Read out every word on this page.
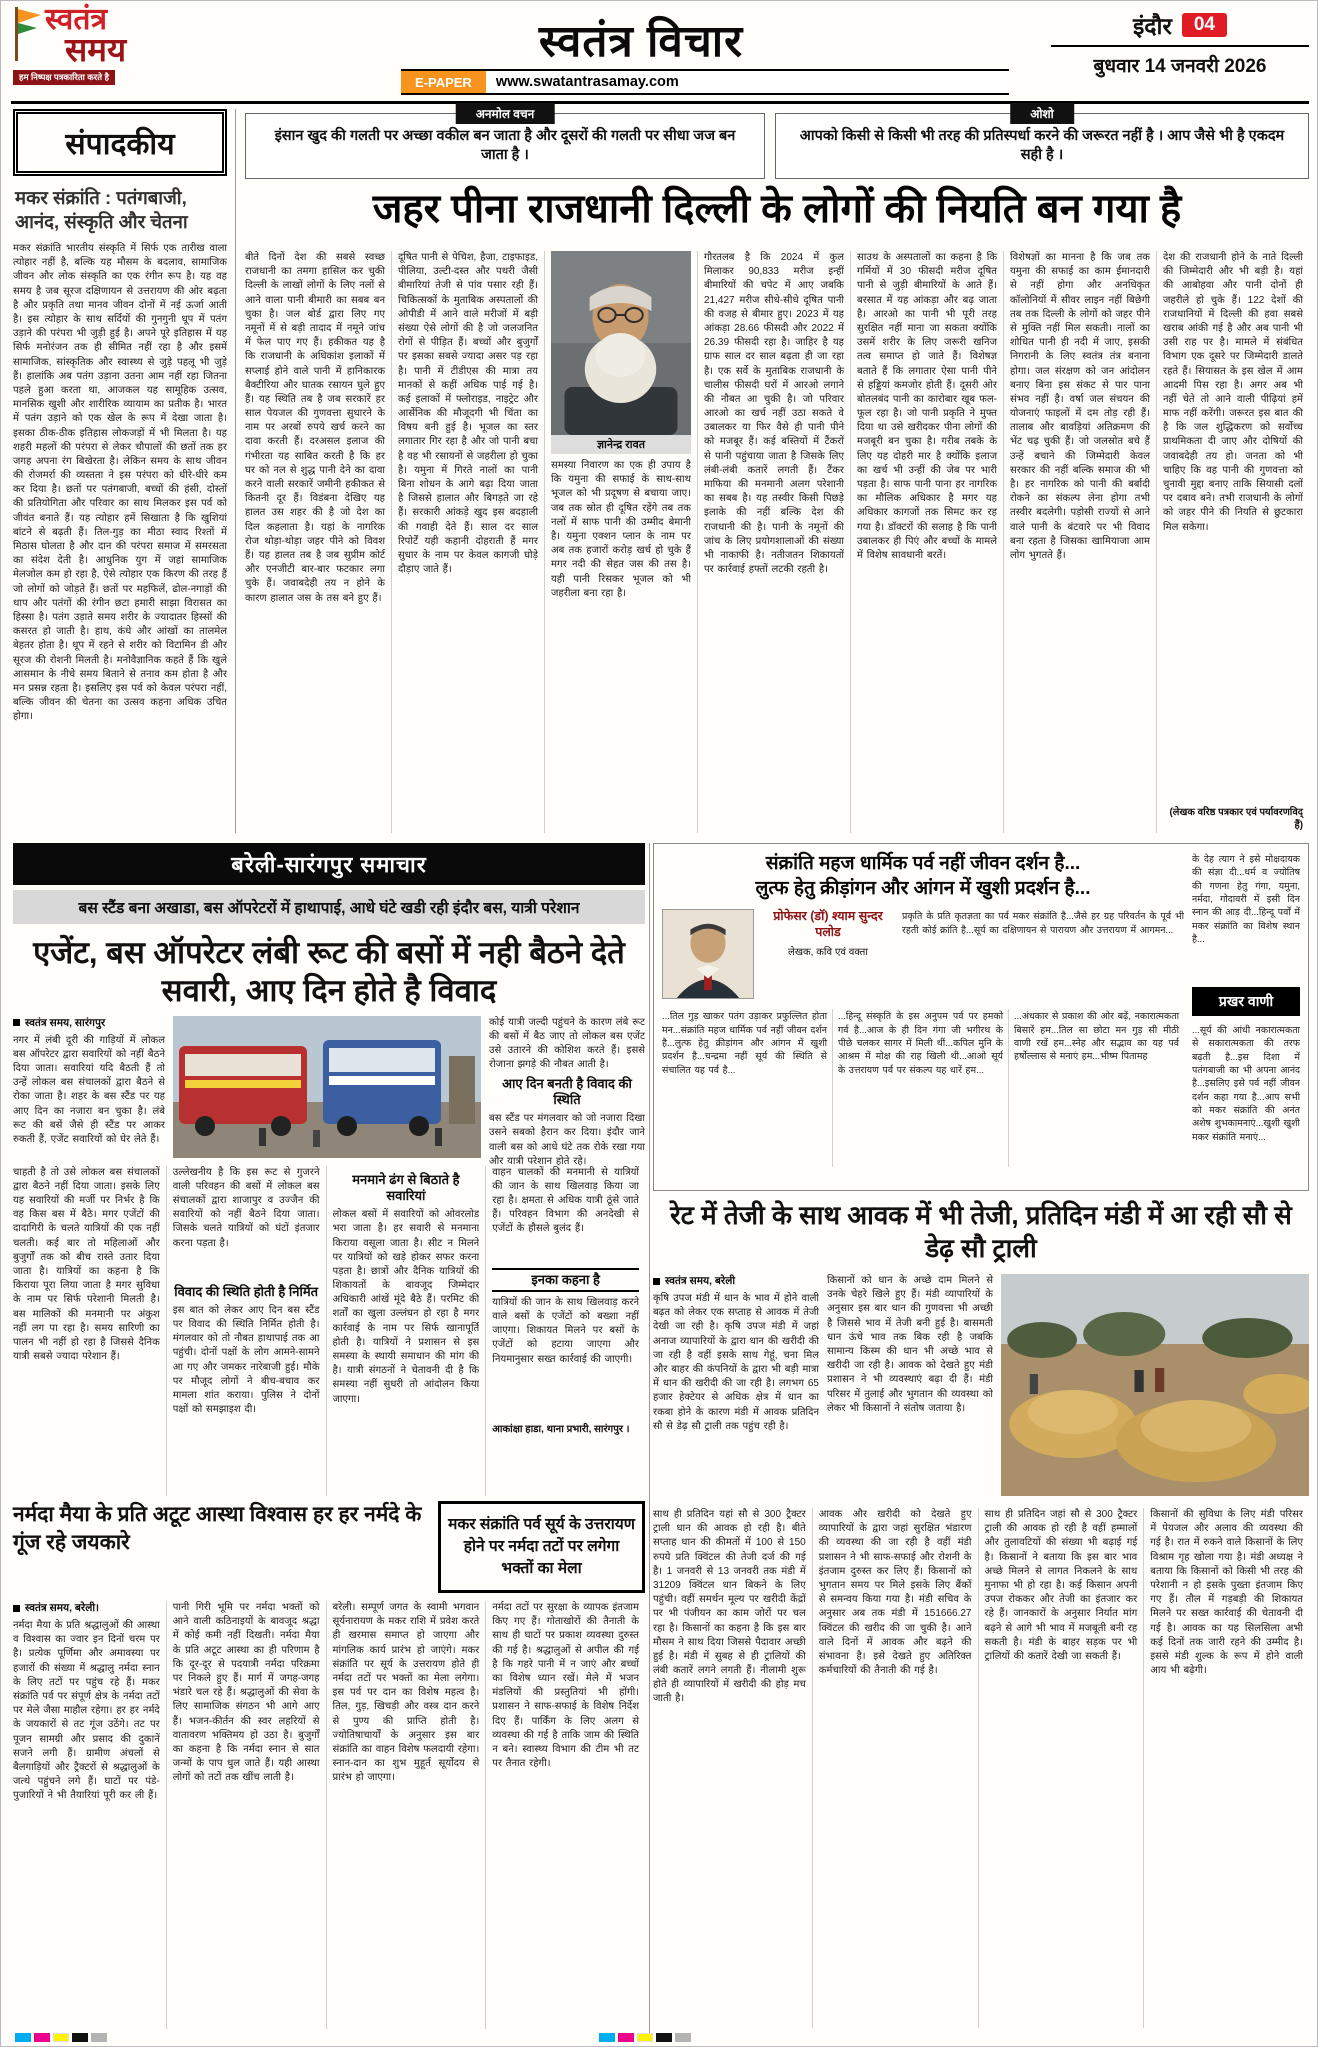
स्वतंत्र
समय
हम निष्पक्ष पत्रकारिता करते है
स्वतंत्र विचार
E-PAPER	www.swatantrasamay.com
इंदौर	04
बुधवार 14 जनवरी 2026
संपादकीय
मकर संक्रांति : पतंगबाजी, आनंद, संस्कृति और चेतना
मकर संक्रांति भारतीय संस्कृति में सिर्फ एक तारीख वाला त्योहार नहीं है, बल्कि यह मौसम के बदलाव, सामाजिक जीवन और लोक संस्कृति का एक रंगीन रूप है। यह वह समय है जब सूरज दक्षिणायन से उत्तरायण की ओर बढ़ता है और प्रकृति तथा मानव जीवन दोनों में नई ऊर्जा आती है। इस त्योहार के साथ सर्दियों की गुनगुनी धूप में पतंग उड़ाने की परंपरा भी जुड़ी हुई है। अपने पूरे इतिहास में यह सिर्फ मनोरंजन तक ही सीमित नहीं रहा है और इसमें सामाजिक, सांस्कृतिक और स्वास्थ्य से जुड़े पहलू भी जुड़े हैं। हालांकि अब पतंग उड़ाना उतना आम नहीं रहा जितना पहले हुआ करता था, आजकल यह सामूहिक उत्सव, मानसिक खुशी और शारीरिक व्यायाम का प्रतीक है। भारत में पतंग उड़ाने को एक खेल के रूप में देखा जाता है। इसका ठीक-ठीक इतिहास लोकजड़ों में भी मिलता है। यह शहरी महलों की परंपरा से लेकर चौपालों की छतों तक हर जगह अपना रंग बिखेरता है। लेकिन समय के साथ जीवन की रोजमर्रा की व्यस्तता ने इस परंपरा को धीरे-धीरे कम कर दिया है। छतों पर पतंगबाजी, बच्चों की हंसी, दोस्तों की प्रतियोगिता और परिवार का साथ मिलकर इस पर्व को जीवंत बनाते हैं। यह त्योहार हमें सिखाता है कि खुशियां बांटने से बढ़ती हैं। तिल-गुड़ का मीठा स्वाद रिश्तों में मिठास घोलता है और दान की परंपरा समाज में समरसता का संदेश देती है। आधुनिक युग में जहां सामाजिक मेलजोल कम हो रहा है, ऐसे त्योहार एक किरण की तरह हैं जो लोगों को जोड़ते हैं। छतों पर महफिलें, ढोल-नगाड़ों की थाप और पतंगों की रंगीन छटा हमारी साझा विरासत का हिस्सा है। पतंग उड़ाते समय शरीर के ज्यादातर हिस्सों की कसरत हो जाती है। हाथ, कंधे और आंखों का तालमेल बेहतर होता है। धूप में रहने से शरीर को विटामिन डी और सूरज की रोशनी मिलती है। मनोवैज्ञानिक कहते हैं कि खुले आसमान के नीचे समय बिताने से तनाव कम होता है और मन प्रसन्न रहता है। इसलिए इस पर्व को केवल परंपरा नहीं, बल्कि जीवन की चेतना का उत्सव कहना अधिक उचित होगा।
अनमोल वचन
इंसान खुद की गलती पर अच्छा वकील बन जाता है और दूसरों की गलती पर सीधा जज बन जाता है ।
ओशो
आपको किसी से किसी भी तरह की प्रतिस्पर्धा करने की जरूरत नहीं है । आप जैसे भी है एकदम सही है ।
जहर पीना राजधानी दिल्ली के लोगों की नियति बन गया है
बीते दिनों देश की सबसे स्वच्छ राजधानी का तमगा हासिल कर चुकी दिल्ली के लाखों लोगों के लिए नलों से आने वाला पानी बीमारी का सबब बन चुका है। जल बोर्ड द्वारा लिए गए नमूनों में से बड़ी तादाद में नमूने जांच में फेल पाए गए हैं। हकीकत यह है कि राजधानी के अधिकांश इलाकों में सप्लाई होने वाले पानी में हानिकारक बैक्टीरिया और घातक रसायन घुले हुए हैं। यह स्थिति तब है जब सरकारें हर साल पेयजल की गुणवत्ता सुधारने के नाम पर अरबों रुपये खर्च करने का दावा करती हैं। दरअसल इलाज की गंभीरता यह साबित करती है कि हर घर को नल से शुद्ध पानी देने का दावा करने वाली सरकारें जमीनी हकीकत से कितनी दूर हैं। विडंबना देखिए यह हालत उस शहर की है जो देश का दिल कहलाता है। यहां के नागरिक रोज थोड़ा-थोड़ा जहर पीने को विवश हैं। यह हालत तब है जब सुप्रीम कोर्ट और एनजीटी बार-बार फटकार लगा चुके हैं। जवाबदेही तय न होने के कारण हालात जस के तस बने हुए हैं।
दूषित पानी से पेचिश, हैजा, टाइफाइड, पीलिया, उल्टी-दस्त और पथरी जैसी बीमारियां तेजी से पांव पसार रही हैं। चिकित्सकों के मुताबिक अस्पतालों की ओपीडी में आने वाले मरीजों में बड़ी संख्या ऐसे लोगों की है जो जलजनित रोगों से पीड़ित हैं। बच्चों और बुजुर्गों पर इसका सबसे ज्यादा असर पड़ रहा है। पानी में टीडीएस की मात्रा तय मानकों से कहीं अधिक पाई गई है। कई इलाकों में फ्लोराइड, नाइट्रेट और आर्सेनिक की मौजूदगी भी चिंता का विषय बनी हुई है। भूजल का स्तर लगातार गिर रहा है और जो पानी बचा है वह भी रसायनों से जहरीला हो चुका है। यमुना में गिरते नालों का पानी बिना शोधन के आगे बढ़ा दिया जाता है जिससे हालात और बिगड़ते जा रहे हैं। सरकारी आंकड़े खुद इस बदहाली की गवाही देते हैं। साल दर साल रिपोर्टें यही कहानी दोहराती हैं मगर सुधार के नाम पर केवल कागजी घोड़े दौड़ाए जाते हैं।
ज्ञानेन्द्र रावत
समस्या निवारण का एक ही उपाय है कि यमुना की सफाई के साथ-साथ भूजल को भी प्रदूषण से बचाया जाए। जब तक स्रोत ही दूषित रहेंगे तब तक नलों में साफ पानी की उम्मीद बेमानी है। यमुना एक्शन प्लान के नाम पर अब तक हजारों करोड़ खर्च हो चुके हैं मगर नदी की सेहत जस की तस है। यही पानी रिसकर भूजल को भी जहरीला बना रहा है।
गौरतलब है कि 2024 में कुल मिलाकर 90,833 मरीज इन्हीं बीमारियों की चपेट में आए जबकि 21,427 मरीज सीधे-सीधे दूषित पानी की वजह से बीमार हुए। 2023 में यह आंकड़ा 28.66 फीसदी और 2022 में 26.39 फीसदी रहा है। जाहिर है यह ग्राफ साल दर साल बढ़ता ही जा रहा है। एक सर्वे के मुताबिक राजधानी के चालीस फीसदी घरों में आरओ लगाने की नौबत आ चुकी है। जो परिवार आरओ का खर्च नहीं उठा सकते वे उबालकर या फिर वैसे ही पानी पीने को मजबूर हैं। कई बस्तियों में टैंकरों से पानी पहुंचाया जाता है जिसके लिए लंबी-लंबी कतारें लगती हैं। टैंकर माफिया की मनमानी अलग परेशानी का सबब है। यह तस्वीर किसी पिछड़े इलाके की नहीं बल्कि देश की राजधानी की है। पानी के नमूनों की जांच के लिए प्रयोगशालाओं की संख्या भी नाकाफी है। नतीजतन शिकायतों पर कार्रवाई हफ्तों लटकी रहती है।
साउथ के अस्पतालों का कहना है कि गर्मियों में 30 फीसदी मरीज दूषित पानी से जुड़ी बीमारियों के आते हैं। बरसात में यह आंकड़ा और बढ़ जाता है। आरओ का पानी भी पूरी तरह सुरक्षित नहीं माना जा सकता क्योंकि उसमें शरीर के लिए जरूरी खनिज तत्व समाप्त हो जाते हैं। विशेषज्ञ बताते हैं कि लगातार ऐसा पानी पीने से हड्डियां कमजोर होती हैं। दूसरी ओर बोतलबंद पानी का कारोबार खूब फल-फूल रहा है। जो पानी प्रकृति ने मुफ्त दिया था उसे खरीदकर पीना लोगों की मजबूरी बन चुका है। गरीब तबके के लिए यह दोहरी मार है क्योंकि इलाज का खर्च भी उन्हीं की जेब पर भारी पड़ता है। साफ पानी पाना हर नागरिक का मौलिक अधिकार है मगर यह अधिकार कागजों तक सिमट कर रह गया है। डॉक्टरों की सलाह है कि पानी उबालकर ही पिएं और बच्चों के मामले में विशेष सावधानी बरतें।
विशेषज्ञों का मानना है कि जब तक यमुना की सफाई का काम ईमानदारी से नहीं होगा और अनधिकृत कॉलोनियों में सीवर लाइन नहीं बिछेगी तब तक दिल्ली के लोगों को जहर पीने से मुक्ति नहीं मिल सकती। नालों का शोधित पानी ही नदी में जाए, इसकी निगरानी के लिए स्वतंत्र तंत्र बनाना होगा। जल संरक्षण को जन आंदोलन बनाए बिना इस संकट से पार पाना संभव नहीं है। वर्षा जल संचयन की योजनाएं फाइलों में दम तोड़ रही हैं। तालाब और बावड़ियां अतिक्रमण की भेंट चढ़ चुकी हैं। जो जलस्रोत बचे हैं उन्हें बचाने की जिम्मेदारी केवल सरकार की नहीं बल्कि समाज की भी है। हर नागरिक को पानी की बर्बादी रोकने का संकल्प लेना होगा तभी तस्वीर बदलेगी। पड़ोसी राज्यों से आने वाले पानी के बंटवारे पर भी विवाद बना रहता है जिसका खामियाजा आम लोग भुगतते हैं।
देश की राजधानी होने के नाते दिल्ली की जिम्मेदारी और भी बड़ी है। यहां की आबोहवा और पानी दोनों ही जहरीले हो चुके हैं। 122 देशों की राजधानियों में दिल्ली की हवा सबसे खराब आंकी गई है और अब पानी भी उसी राह पर है। मामले में संबंधित विभाग एक दूसरे पर जिम्मेदारी डालते रहते हैं। सियासत के इस खेल में आम आदमी पिस रहा है। अगर अब भी नहीं चेते तो आने वाली पीढ़ियां हमें माफ नहीं करेंगी। जरूरत इस बात की है कि जल शुद्धिकरण को सर्वोच्च प्राथमिकता दी जाए और दोषियों की जवाबदेही तय हो। जनता को भी चाहिए कि वह पानी की गुणवत्ता को चुनावी मुद्दा बनाए ताकि सियासी दलों पर दबाव बने। तभी राजधानी के लोगों को जहर पीने की नियति से छुटकारा मिल सकेगा।
(लेखक वरिष्ठ पत्रकार एवं पर्यावरणविद् हैं)
बरेली-सारंगपुर समाचार
बस स्टैंड बना अखाडा, बस ऑपरेटरों में हाथापाई, आधे घंटे खडी रही इंदौर बस, यात्री परेशान
एजेंट, बस ऑपरेटर लंबी रूट की बसों में नही बैठने देते सवारी, आए दिन होते है विवाद
स्वतंत्र समय, सारंगपुर
नगर में लंबी दूरी की गाड़ियों में लोकल बस ऑपरेटर द्वारा सवारियों को नहीं बैठने दिया जाता। सवारियां यदि बैठती हैं तो उन्हें लोकल बस संचालकों द्वारा बैठने से रोका जाता है। शहर के बस स्टैंड पर यह आए दिन का नजारा बन चुका है। लंबे रूट की बसें जैसे ही स्टैंड पर आकर रुकती हैं, एजेंट सवारियों को घेर लेते हैं।
कोई यात्री जल्दी पहुंचने के कारण लंबे रूट की बसों में बैठ जाए तो लोकल बस एजेंट उसे उतारने की कोशिश करते हैं। इससे रोजाना झगड़े की नौबत आती है।
आए दिन बनती है विवाद की स्थिति
बस स्टैंड पर मंगलवार को जो नजारा दिखा उसने सबको हैरान कर दिया। इंदौर जाने वाली बस को आधे घंटे तक रोके रखा गया और यात्री परेशान होते रहे।
चाहती है तो उसे लोकल बस संचालकों द्वारा बैठने नहीं दिया जाता। इसके लिए यह सवारियों की मर्जी पर निर्भर है कि वह किस बस में बैठे। मगर एजेंटों की दादागिरी के चलते यात्रियों की एक नहीं चलती। कई बार तो महिलाओं और बुजुर्गों तक को बीच रास्ते उतार दिया जाता है। यात्रियों का कहना है कि किराया पूरा लिया जाता है मगर सुविधा के नाम पर सिर्फ परेशानी मिलती है। बस मालिकों की मनमानी पर अंकुश नहीं लग पा रहा है। समय सारिणी का पालन भी नहीं हो रहा है जिससे दैनिक यात्री सबसे ज्यादा परेशान हैं।
उल्लेखनीय है कि इस रूट से गुजरने वाली परिवहन की बसों में लोकल बस संचालकों द्वारा शाजापुर व उज्जैन की सवारियों को नहीं बैठने दिया जाता। जिसके चलते यात्रियों को घंटों इंतजार करना पड़ता है।
विवाद की स्थिति होती है निर्मित
इस बात को लेकर आए दिन बस स्टैंड पर विवाद की स्थिति निर्मित होती है। मंगलवार को तो नौबत हाथापाई तक आ पहुंची। दोनों पक्षों के लोग आमने-सामने आ गए और जमकर नारेबाजी हुई। मौके पर मौजूद लोगों ने बीच-बचाव कर मामला शांत कराया। पुलिस ने दोनों पक्षों को समझाइश दी।
मनमाने ढंग से बिठाते है सवारियां
लोकल बसों में सवारियों को ओवरलोड भरा जाता है। हर सवारी से मनमाना किराया वसूला जाता है। सीट न मिलने पर यात्रियों को खड़े होकर सफर करना पड़ता है। छात्रों और दैनिक यात्रियों की शिकायतों के बावजूद जिम्मेदार अधिकारी आंखें मूंदे बैठे हैं। परमिट की शर्तों का खुला उल्लंघन हो रहा है मगर कार्रवाई के नाम पर सिर्फ खानापूर्ति होती है। यात्रियों ने प्रशासन से इस समस्या के स्थायी समाधान की मांग की है। यात्री संगठनों ने चेतावनी दी है कि समस्या नहीं सुधरी तो आंदोलन किया जाएगा।
वाहन चालकों की मनमानी से यात्रियों की जान के साथ खिलवाड़ किया जा रहा है। क्षमता से अधिक यात्री ठूंसे जाते हैं। परिवहन विभाग की अनदेखी से एजेंटों के हौसले बुलंद हैं।
इनका कहना है
यात्रियों की जान के साथ खिलवाड़ करने वाले बसों के एजेंटों को बख्शा नहीं जाएगा। शिकायत मिलने पर बसों के एजेंटों को हटाया जाएगा और नियमानुसार सख्त कार्रवाई की जाएगी।
आकांक्षा हाडा, थाना प्रभारी, सारंगपुर ।
संक्रांति महज धार्मिक पर्व नहीं जीवन दर्शन है...
लुत्फ हेतु क्रीड़ांगन और आंगन में खुशी प्रदर्शन है...
प्रोफेसर (डॉ) श्याम सुन्दर पलोड
लेखक, कवि एवं वक्ता
प्रकृति के प्रति कृतज्ञता का पर्व मकर संक्रांति है...जैसे हर ग्रह परिवर्तन के पूर्व भी रहती कोई क्रांति है...सूर्य का दक्षिणायन से पारायण और उत्तरायण में आगमन...
...तिल गुड़ खाकर पतंग उड़ाकर प्रफुल्लित होता मन...संक्रांति महज धार्मिक पर्व नहीं जीवन दर्शन है...लुत्फ हेतु क्रीड़ांगन और आंगन में खुशी प्रदर्शन है...चन्द्रमा नहीं सूर्य की स्थिति से संचालित यह पर्व है...
...हिन्दू संस्कृति के इस अनुपम पर्व पर हमको गर्व है...आज के ही दिन गंगा जी भगीरथ के पीछे चलकर सागर में मिली थीं...कपिल मुनि के आश्रम में मोक्ष की राह खिली थी...आओ सूर्य के उत्तरायण पर्व पर संकल्प यह धारें हम...
...अंधकार से प्रकाश की ओर बढ़ें, नकारात्मकता बिसारें हम...तिल सा छोटा मन गुड़ सी मीठी वाणी रखें हम...स्नेह और सद्भाव का यह पर्व हर्षोल्लास से मनाएं हम...भीष्म पितामह
के देह त्याग ने इसे मोक्षदायक की संज्ञा दी...धर्म व ज्योतिष की गणना हेतु गंगा, यमुना, नर्मदा, गोदावरी में इसी दिन स्नान की आड़ दी...हिन्दू पर्वों में मकर संक्रांति का विशेष स्थान है...
प्रखर वाणी
...सूर्य की आंधी नकारात्मकता से सकारात्मकता की तरफ बढ़ती है...इस दिशा में पतंगबाजी का भी अपना आनंद है...इसलिए इसे पर्व नहीं जीवन दर्शन कहा गया है...आप सभी को मकर संक्रांति की अनंत अशेष शुभकामनाएं...खुशी खुशी मकर संक्रांति मनाएं...
रेट में तेजी के साथ आवक में भी तेजी, प्रतिदिन मंडी में आ रही सौ से डेढ़ सौ ट्राली
स्वतंत्र समय, बरेली
कृषि उपज मंडी में धान के भाव में होने वाली बढ़त को लेकर एक सप्ताह से आवक में तेजी देखी जा रही है। कृषि उपज मंडी में जहां अनाज व्यापारियों के द्वारा धान की खरीदी की जा रही है वहीं इसके साथ गेहूं, चना मिल और बाहर की कंपनियों के द्वारा भी बड़ी मात्रा में धान की खरीदी की जा रही है। लगभग 65 हजार हेक्टेयर से अधिक क्षेत्र में धान का रकबा होने के कारण मंडी में आवक प्रतिदिन सौ से डेढ़ सौ ट्राली तक पहुंच रही है।
किसानों को धान के अच्छे दाम मिलने से उनके चेहरे खिले हुए हैं। मंडी व्यापारियों के अनुसार इस बार धान की गुणवत्ता भी अच्छी है जिससे भाव में तेजी बनी हुई है। बासमती धान ऊंचे भाव तक बिक रही है जबकि सामान्य किस्म की धान भी अच्छे भाव से खरीदी जा रही है। आवक को देखते हुए मंडी प्रशासन ने भी व्यवस्थाएं बढ़ा दी हैं। मंडी परिसर में तुलाई और भुगतान की व्यवस्था को लेकर भी किसानों ने संतोष जताया है।
साथ ही प्रतिदिन यहां सौ से 300 ट्रैक्टर ट्राली धान की आवक हो रही है। बीते सप्ताह धान की कीमतों में 100 से 150 रुपये प्रति क्विंटल की तेजी दर्ज की गई है। 1 जनवरी से 13 जनवरी तक मंडी में 31209 क्विंटल धान बिकने के लिए पहुंची। वहीं समर्थन मूल्य पर खरीदी केंद्रों पर भी पंजीयन का काम जोरों पर चल रहा है। किसानों का कहना है कि इस बार मौसम ने साथ दिया जिससे पैदावार अच्छी हुई है। मंडी में सुबह से ही ट्रालियों की लंबी कतारें लगने लगती हैं। नीलामी शुरू होते ही व्यापारियों में खरीदी की होड़ मच जाती है।
आवक और खरीदी को देखते हुए व्यापारियों के द्वारा जहां सुरक्षित भंडारण की व्यवस्था की जा रही है वहीं मंडी प्रशासन ने भी साफ-सफाई और रोशनी के इंतजाम दुरुस्त कर लिए हैं। किसानों को भुगतान समय पर मिले इसके लिए बैंकों से समन्वय किया गया है। मंडी सचिव के अनुसार अब तक मंडी में 151666.27 क्विंटल की खरीद की जा चुकी है। आने वाले दिनों में आवक और बढ़ने की संभावना है। इसे देखते हुए अतिरिक्त कर्मचारियों की तैनाती की गई है।
साथ ही प्रतिदिन जहां सौ से 300 ट्रैक्टर ट्राली की आवक हो रही है वहीं हम्मालों और तुलावटियों की संख्या भी बढ़ाई गई है। किसानों ने बताया कि इस बार भाव अच्छे मिलने से लागत निकलने के साथ मुनाफा भी हो रहा है। कई किसान अपनी उपज रोककर और तेजी का इंतजार कर रहे हैं। जानकारों के अनुसार निर्यात मांग बढ़ने से आगे भी भाव में मजबूती बनी रह सकती है। मंडी के बाहर सड़क पर भी ट्रालियों की कतारें देखी जा सकती हैं।
किसानों की सुविधा के लिए मंडी परिसर में पेयजल और अलाव की व्यवस्था की गई है। रात में रुकने वाले किसानों के लिए विश्राम गृह खोला गया है। मंडी अध्यक्ष ने बताया कि किसानों को किसी भी तरह की परेशानी न हो इसके पुख्ता इंतजाम किए गए हैं। तौल में गड़बड़ी की शिकायत मिलने पर सख्त कार्रवाई की चेतावनी दी गई है। आवक का यह सिलसिला अभी कई दिनों तक जारी रहने की उम्मीद है। इससे मंडी शुल्क के रूप में होने वाली आय भी बढ़ेगी।
नर्मदा मैया के प्रति अटूट आस्था विश्वास हर हर नर्मदे के गूंज रहे जयकारे
मकर संक्रांति पर्व सूर्य के उत्तरायण होने पर नर्मदा तटों पर लगेगा भक्तों का मेला
स्वतंत्र समय, बरेली।
नर्मदा मैया के प्रति श्रद्धालुओं की आस्था व विश्वास का ज्वार इन दिनों चरम पर है। प्रत्येक पूर्णिमा और अमावस्या पर हजारों की संख्या में श्रद्धालु नर्मदा स्नान के लिए तटों पर पहुंच रहे हैं। मकर संक्रांति पर्व पर संपूर्ण क्षेत्र के नर्मदा तटों पर मेले जैसा माहौल रहेगा। हर हर नर्मदे के जयकारों से तट गूंज उठेंगे। तट पर पूजन सामग्री और प्रसाद की दुकानें सजने लगी हैं। ग्रामीण अंचलों से बैलगाड़ियों और ट्रैक्टरों से श्रद्धालुओं के जत्थे पहुंचने लगे हैं। घाटों पर पंडे-पुजारियों ने भी तैयारियां पूरी कर ली हैं।
पानी गिरी भूमि पर नर्मदा भक्तों को आने वाली कठिनाइयों के बावजूद श्रद्धा में कोई कमी नहीं दिखती। नर्मदा मैया के प्रति अटूट आस्था का ही परिणाम है कि दूर-दूर से पदयात्री नर्मदा परिक्रमा पर निकले हुए हैं। मार्ग में जगह-जगह भंडारे चल रहे हैं। श्रद्धालुओं की सेवा के लिए सामाजिक संगठन भी आगे आए हैं। भजन-कीर्तन की स्वर लहरियों से वातावरण भक्तिमय हो उठा है। बुजुर्गों का कहना है कि नर्मदा स्नान से सात जन्मों के पाप धुल जाते हैं। यही आस्था लोगों को तटों तक खींच लाती है।
बरेली। सम्पूर्ण जगत के स्वामी भगवान सूर्यनारायण के मकर राशि में प्रवेश करते ही खरमास समाप्त हो जाएगा और मांगलिक कार्य प्रारंभ हो जाएंगे। मकर संक्रांति पर सूर्य के उत्तरायण होते ही नर्मदा तटों पर भक्तों का मेला लगेगा। इस पर्व पर दान का विशेष महत्व है। तिल, गुड़, खिचड़ी और वस्त्र दान करने से पुण्य की प्राप्ति होती है। ज्योतिषाचार्यों के अनुसार इस बार संक्रांति का वाहन विशेष फलदायी रहेगा। स्नान-दान का शुभ मुहूर्त सूर्योदय से प्रारंभ हो जाएगा।
नर्मदा तटों पर सुरक्षा के व्यापक इंतजाम किए गए हैं। गोताखोरों की तैनाती के साथ ही घाटों पर प्रकाश व्यवस्था दुरुस्त की गई है। श्रद्धालुओं से अपील की गई है कि गहरे पानी में न जाएं और बच्चों का विशेष ध्यान रखें। मेले में भजन मंडलियों की प्रस्तुतियां भी होंगी। प्रशासन ने साफ-सफाई के विशेष निर्देश दिए हैं। पार्किंग के लिए अलग से व्यवस्था की गई है ताकि जाम की स्थिति न बने। स्वास्थ्य विभाग की टीम भी तट पर तैनात रहेगी।
